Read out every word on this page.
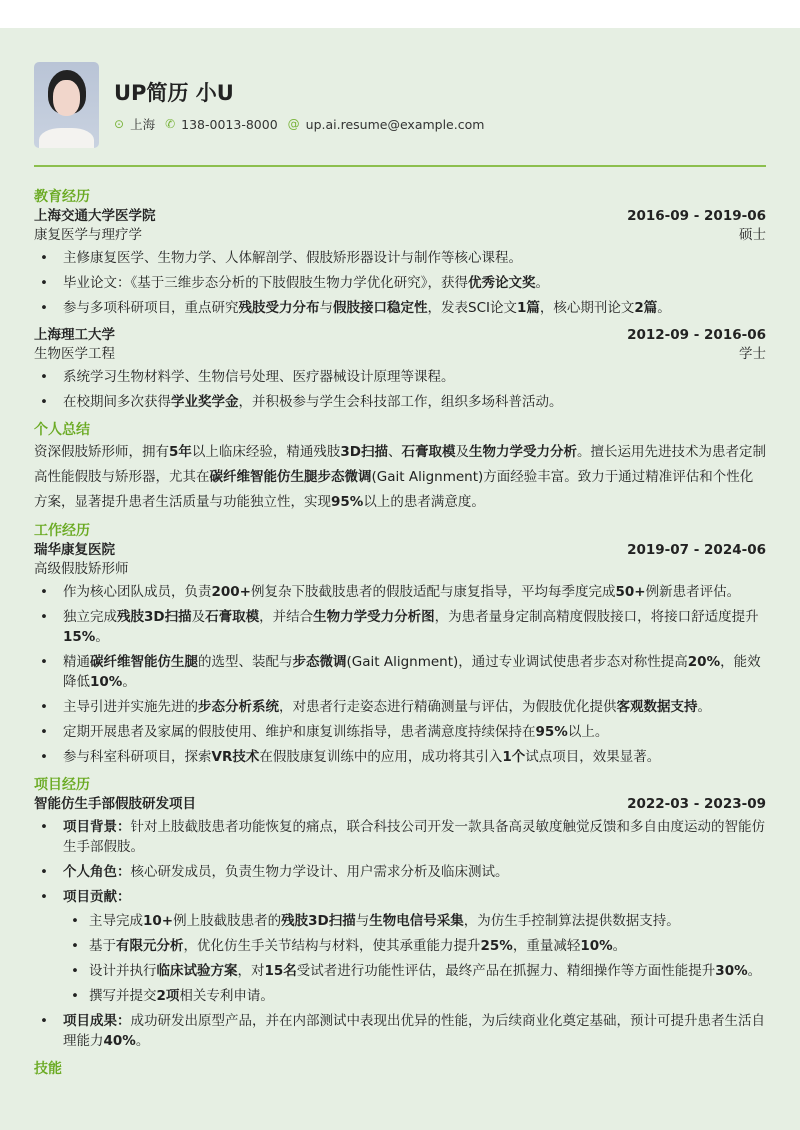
UP简历 小U
⊙ 上海 ✆ 138-0013-8000 @ up.ai.resume@example.com
教育经历
上海交通大学医学院	2016-09 - 2019-06
康复医学与理疗学	硕士
• 主修康复医学、生物力学、人体解剖学、假肢矫形器设计与制作等核心课程。
• 毕业论文：《基于三维步态分析的下肢假肢生物力学优化研究》，获得优秀论文奖。
• 参与多项科研项目，重点研究残肢受力分布与假肢接口稳定性，发表SCI论文1篇，核心期刊论文2篇。
上海理工大学	2012-09 - 2016-06
生物医学工程	学士
• 系统学习生物材料学、生物信号处理、医疗器械设计原理等课程。
• 在校期间多次获得学业奖学金，并积极参与学生会科技部工作，组织多场科普活动。
个人总结
资深假肢矫形师，拥有5年以上临床经验，精通残肢3D扫描、石膏取模及生物力学受力分析。擅长运用先进技术为患者定制高性能假肢与矫形器，尤其在碳纤维智能仿生腿步态微调(Gait Alignment)方面经验丰富。致力于通过精准评估和个性化方案，显著提升患者生活质量与功能独立性，实现95%以上的患者满意度。
工作经历
瑞华康复医院	2019-07 - 2024-06
高级假肢矫形师
• 作为核心团队成员，负责200+例复杂下肢截肢患者的假肢适配与康复指导，平均每季度完成50+例新患者评估。
• 独立完成残肢3D扫描及石膏取模，并结合生物力学受力分析图，为患者量身定制高精度假肢接口，将接口舒适度提升15%。
• 精通碳纤维智能仿生腿的选型、装配与步态微调(Gait Alignment)，通过专业调试使患者步态对称性提高20%，能效降低10%。
• 主导引进并实施先进的步态分析系统，对患者行走姿态进行精确测量与评估，为假肢优化提供客观数据支持。
• 定期开展患者及家属的假肢使用、维护和康复训练指导，患者满意度持续保持在95%以上。
• 参与科室科研项目，探索VR技术在假肢康复训练中的应用，成功将其引入1个试点项目，效果显著。
项目经历
智能仿生手部假肢研发项目	2022-03 - 2023-09
• 项目背景：针对上肢截肢患者功能恢复的痛点，联合科技公司开发一款具备高灵敏度触觉反馈和多自由度运动的智能仿生手部假肢。
• 个人角色：核心研发成员，负责生物力学设计、用户需求分析及临床测试。
• 项目贡献：
• 主导完成10+例上肢截肢患者的残肢3D扫描与生物电信号采集，为仿生手控制算法提供数据支持。
• 基于有限元分析，优化仿生手关节结构与材料，使其承重能力提升25%，重量减轻10%。
• 设计并执行临床试验方案，对15名受试者进行功能性评估，最终产品在抓握力、精细操作等方面性能提升30%。
• 撰写并提交2项相关专利申请。
• 项目成果：成功研发出原型产品，并在内部测试中表现出优异的性能，为后续商业化奠定基础，预计可提升患者生活自理能力40%。
技能
